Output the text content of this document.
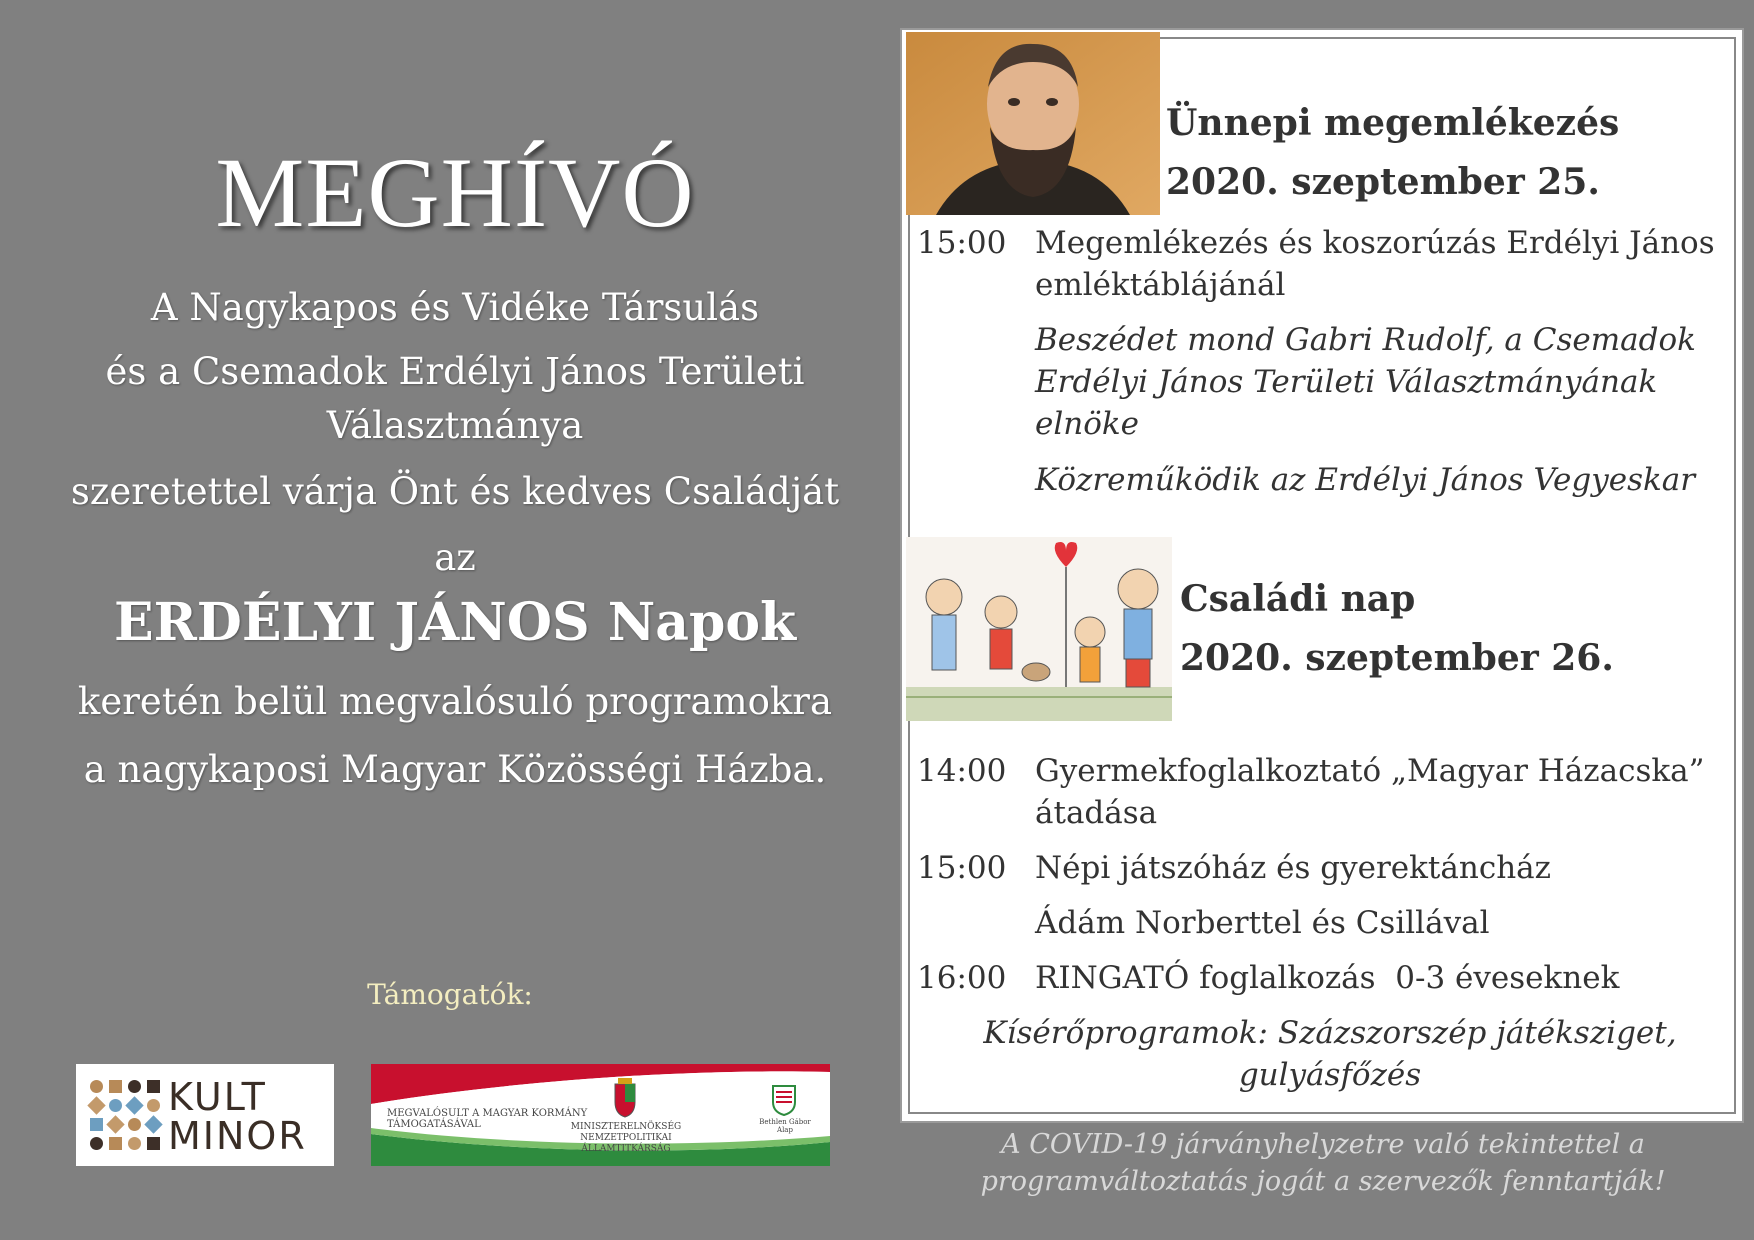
MEGHÍVÓ
A Nagykapos és Vidéke Társulás
és a Csemadok Erdélyi János Területi
Választmánya
szeretettel várja Önt és kedves Családját
az
ERDÉLYI JÁNOS Napok
keretén belül megvalósuló programokra
a nagykaposi Magyar Közösségi Házba.
Támogatók:
KULT
MINOR
MEGVALÓSULT A MAGYAR KORMÁNY
TÁMOGATÁSÁVAL	MINISZTERELNÖKSÉG
NEMZETPOLITIKAI ÁLLAMTITKÁRSÁG
Bethlen Gábor
Alap
Ünnepi megemlékezés
2020. szeptember 25.
15:00 Megemlékezés és koszorúzás Erdélyi János emléktáblájánál
Beszédet mond Gabri Rudolf, a Csemadok Erdélyi János Területi Választmányának elnöke
Közreműködik az Erdélyi János Vegyeskar
Családi nap
2020. szeptember 26.
14:00 Gyermekfoglalkoztató „Magyar Házacska” átadása
15:00 Népi játszóház és gyerektáncház
Ádám Norberttel és Csillával
16:00 RINGATÓ foglalkozás  0-3 éveseknek
Kísérőprogramok: Százszorszép játéksziget, gulyásfőzés
A COVID-19 járványhelyzetre való tekintettel a programváltoztatás jogát a szervezők fenntartják!
